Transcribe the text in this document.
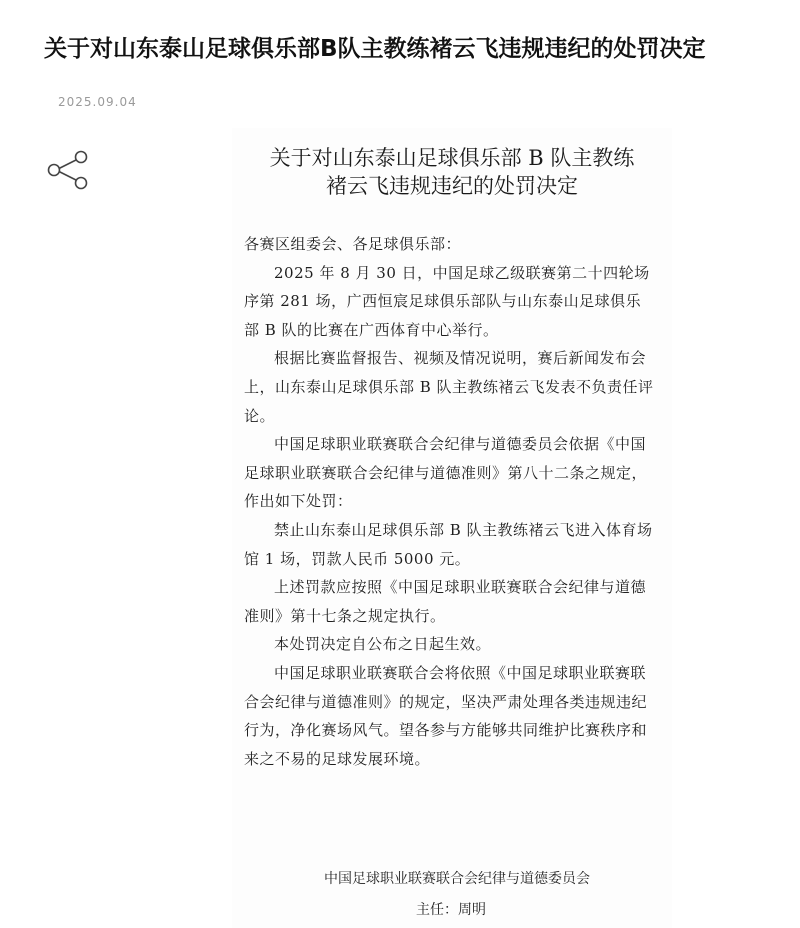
关于对山东泰山足球俱乐部B队主教练褚云飞违规违纪的处罚决定
2025.09.04
关于对山东泰山足球俱乐部 B 队主教练
褚云飞违规违纪的处罚决定

各赛区组委会、各足球俱乐部：

2025 年 8 月 30 日，中国足球乙级联赛第二十四轮场序第 281 场，广西恒宸足球俱乐部队与山东泰山足球俱乐部 B 队的比赛在广西体育中心举行。

根据比赛监督报告、视频及情况说明，赛后新闻发布会上，山东泰山足球俱乐部 B 队主教练褚云飞发表不负责任评论。

中国足球职业联赛联合会纪律与道德委员会依据《中国足球职业联赛联合会纪律与道德准则》第八十二条之规定，作出如下处罚：

禁止山东泰山足球俱乐部 B 队主教练褚云飞进入体育场馆 1 场，罚款人民币 5000 元。

上述罚款应按照《中国足球职业联赛联合会纪律与道德准则》第十七条之规定执行。

本处罚决定自公布之日起生效。

中国足球职业联赛联合会将依照《中国足球职业联赛联合会纪律与道德准则》的规定，坚决严肃处理各类违规违纪行为，净化赛场风气。望各参与方能够共同维护比赛秩序和来之不易的足球发展环境。

中国足球职业联赛联合会纪律与道德委员会
主任：周明
